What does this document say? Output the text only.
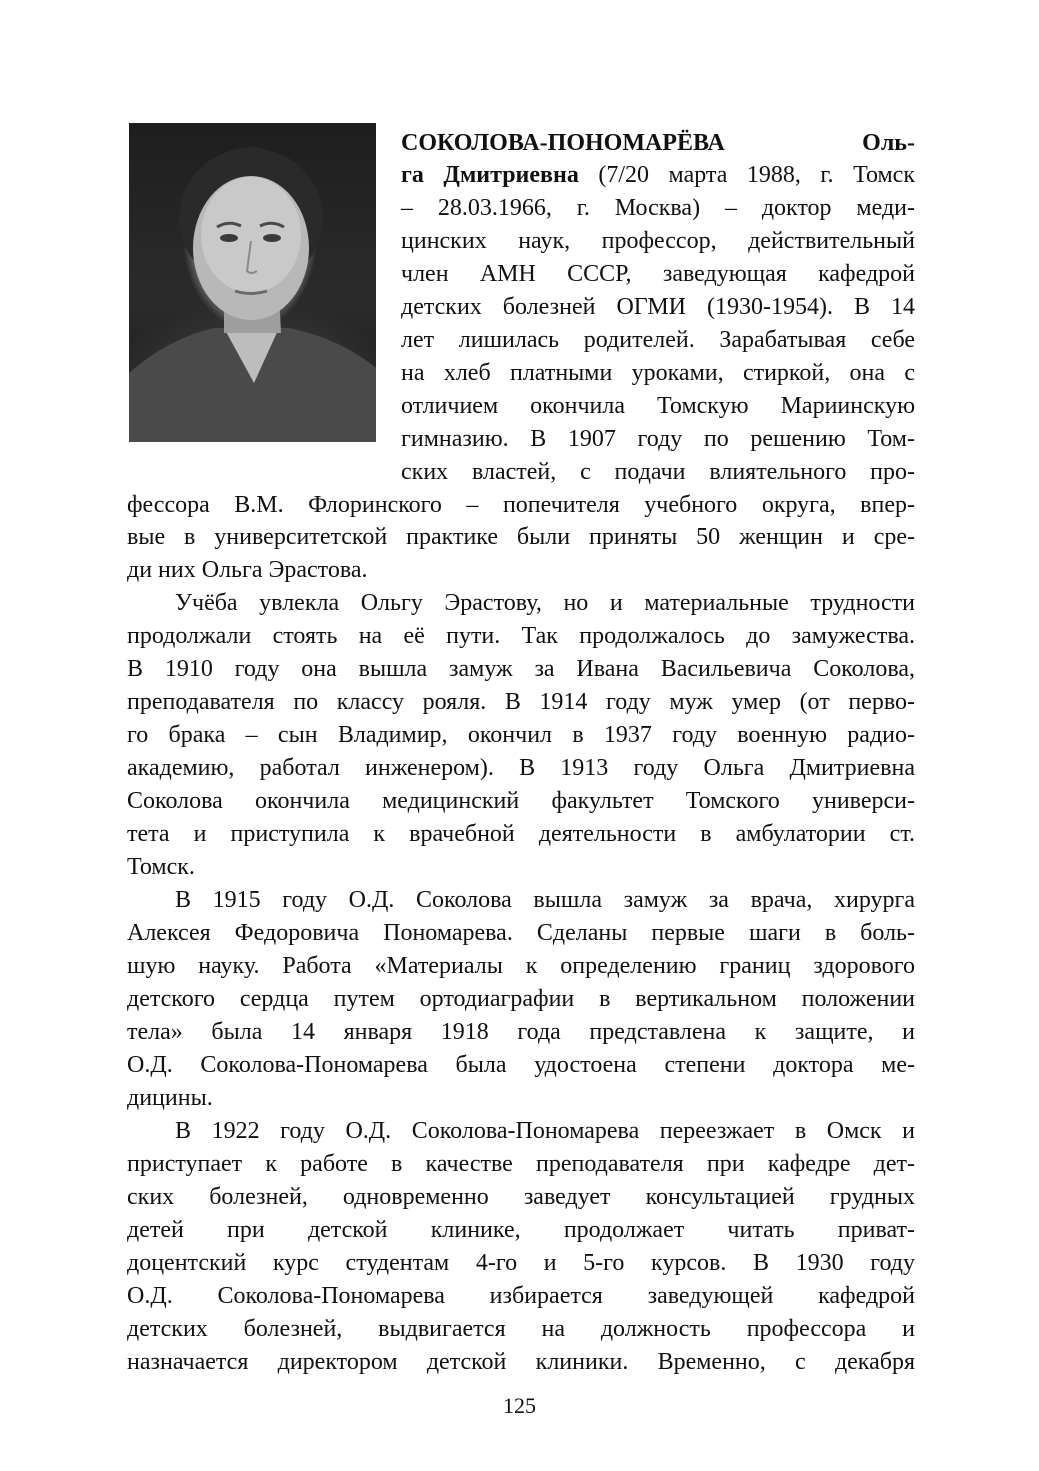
СОКОЛОВА-ПОНОМАРЁВА Оль-

га Дмитриевна (7/20 марта 1988, г. Томск

– 28.03.1966, г. Москва) – доктор меди-

цинских наук, профессор, действительный

член АМН СССР, заведующая кафедрой

детских болезней ОГМИ (1930-1954). В 14

лет лишилась родителей. Зарабатывая себе

на хлеб платными уроками, стиркой, она с

отличием окончила Томскую Мариинскую

гимназию. В 1907 году по решению Том-

ских властей, с подачи влиятельного про-

фессора В.М. Флоринского – попечителя учебного округа, впер-

вые в университетской практике были приняты 50 женщин и сре-

ди них Ольга Эрастова.

Учёба увлекла Ольгу Эрастову, но и материальные трудности

продолжали стоять на её пути. Так продолжалось до замужества.

В 1910 году она вышла замуж за Ивана Васильевича Соколова,

преподавателя по классу рояля. В 1914 году муж умер (от перво-

го брака – сын Владимир, окончил в 1937 году военную радио-

академию, работал инженером). В 1913 году Ольга Дмитриевна

Соколова окончила медицинский факультет Томского универси-

тета и приступила к врачебной деятельности в амбулатории ст.

Томск.

В 1915 году О.Д. Соколова вышла замуж за врача, хирурга

Алексея Федоровича Пономарева. Сделаны первые шаги в боль-

шую науку. Работа «Материалы к определению границ здорового

детского сердца путем ортодиаграфии в вертикальном положении

тела» была 14 января 1918 года представлена к защите, и

О.Д. Соколова-Пономарева была удостоена степени доктора ме-

дицины.

В 1922 году О.Д. Соколова-Пономарева переезжает в Омск и

приступает к работе в качестве преподавателя при кафедре дет-

ских болезней, одновременно заведует консультацией грудных

детей при детской клинике, продолжает читать приват-

доцентский курс студентам 4-го и 5-го курсов. В 1930 году

О.Д. Соколова-Пономарева избирается заведующей кафедрой

детских болезней, выдвигается на должность профессора и

назначается директором детской клиники. Временно, с декабря

125
